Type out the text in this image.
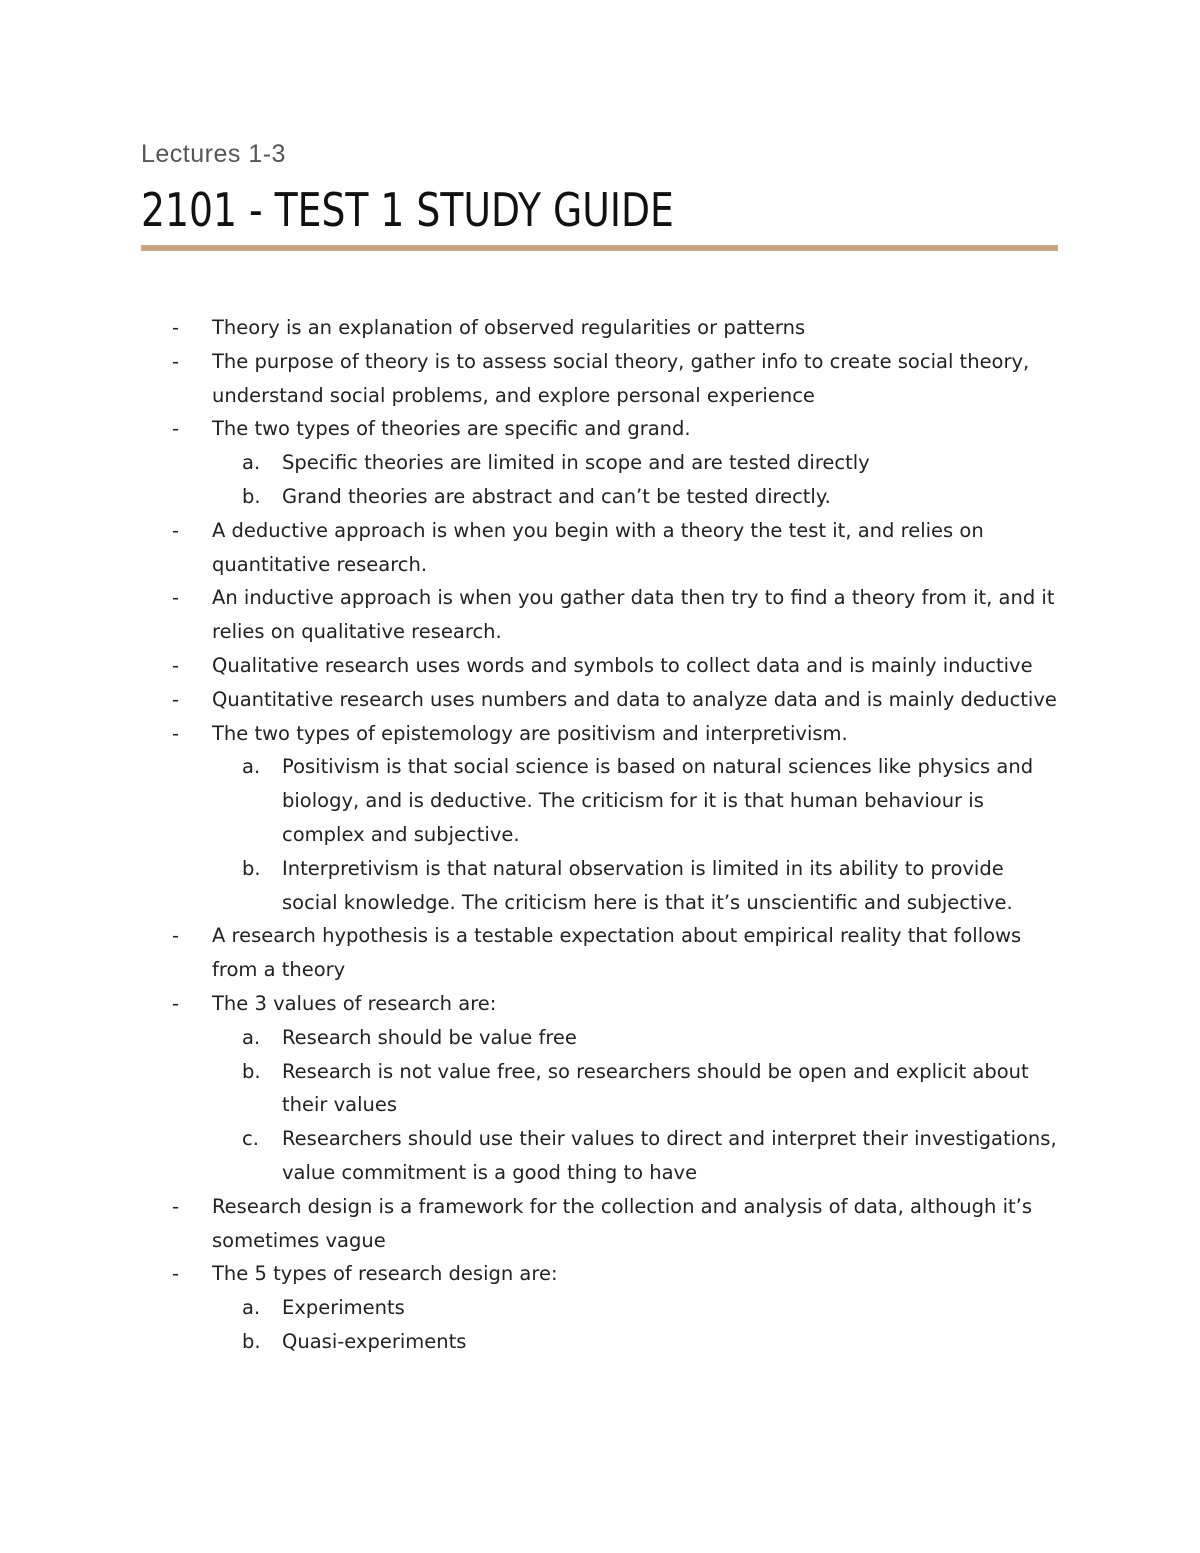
Lectures 1-3
2101 - TEST 1 STUDY GUIDE
-	Theory is an explanation of observed regularities or patterns
-	The purpose of theory is to assess social theory, gather info to create social theory, understand social problems, and explore personal experience
-	The two types of theories are specific and grand.
a.	Specific theories are limited in scope and are tested directly
b.	Grand theories are abstract and can’t be tested directly.
-	A deductive approach is when you begin with a theory the test it, and relies on quantitative research.
-	An inductive approach is when you gather data then try to find a theory from it, and it relies on qualitative research.
-	Qualitative research uses words and symbols to collect data and is mainly inductive
-	Quantitative research uses numbers and data to analyze data and is mainly deductive
-	The two types of epistemology are positivism and interpretivism.
a.	Positivism is that social science is based on natural sciences like physics and biology, and is deductive. The criticism for it is that human behaviour is complex and subjective.
b.	Interpretivism is that natural observation is limited in its ability to provide social knowledge. The criticism here is that it’s unscientific and subjective.
-	A research hypothesis is a testable expectation about empirical reality that follows from a theory
-	The 3 values of research are:
a.	Research should be value free
b.	Research is not value free, so researchers should be open and explicit about their values
c.	Researchers should use their values to direct and interpret their investigations, value commitment is a good thing to have
-	Research design is a framework for the collection and analysis of data, although it’s sometimes vague
-	The 5 types of research design are:
a.	Experiments
b.	Quasi-experiments
